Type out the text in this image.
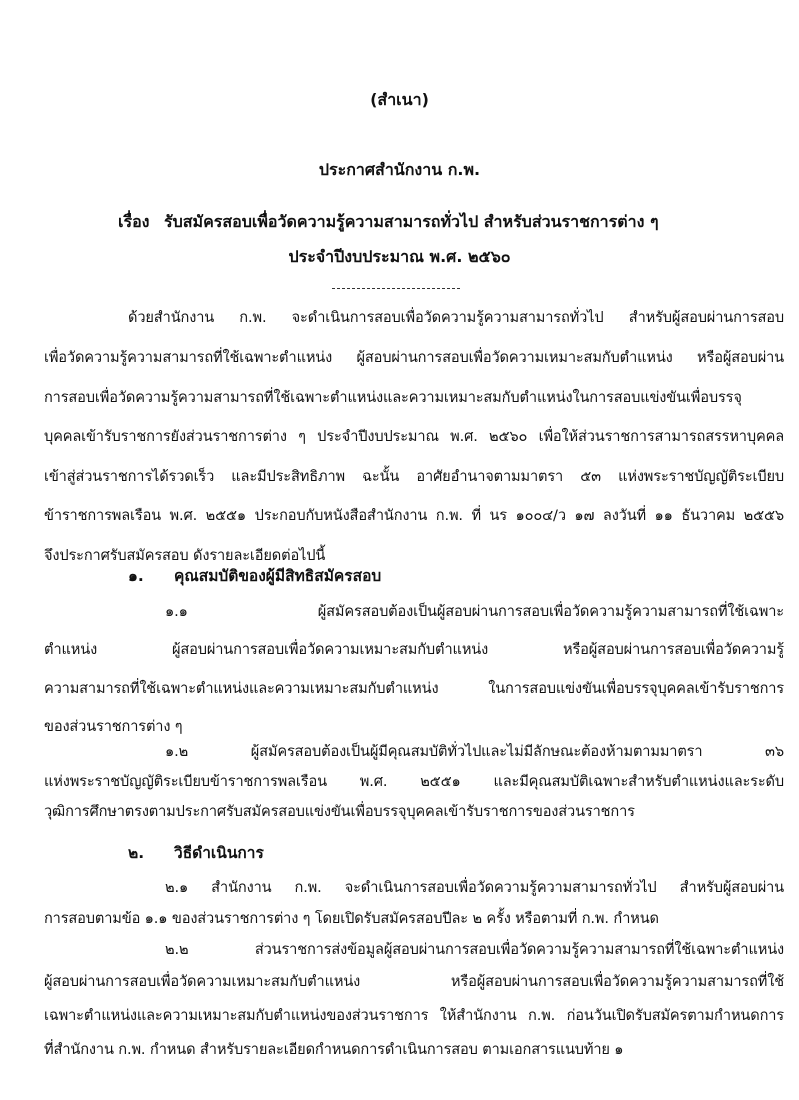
(สำเนา)
ประกาศสำนักงาน ก.พ.
เรื่อง รับสมัครสอบเพื่อวัดความรู้ความสามารถทั่วไป สำหรับส่วนราชการต่าง ๆ
ประจำปีงบประมาณ พ.ศ. ๒๕๖๐
ด้วยสำนักงาน ก.พ. จะดำเนินการสอบเพื่อวัดความรู้ความสามารถทั่วไป สำหรับผู้สอบผ่านการสอบ
เพื่อวัดความรู้ความสามารถที่ใช้เฉพาะตำแหน่ง ผู้สอบผ่านการสอบเพื่อวัดความเหมาะสมกับตำแหน่ง หรือผู้สอบผ่าน
การสอบเพื่อวัดความรู้ความสามารถที่ใช้เฉพาะตำแหน่งและความเหมาะสมกับตำแหน่งในการสอบแข่งขันเพื่อบรรจุ
บุคคลเข้ารับราชการยังส่วนราชการต่าง ๆ ประจำปีงบประมาณ พ.ศ. ๒๕๖๐ เพื่อให้ส่วนราชการสามารถสรรหาบุคคล
เข้าสู่ส่วนราชการได้รวดเร็ว และมีประสิทธิภาพ ฉะนั้น อาศัยอำนาจตามมาตรา ๕๓ แห่งพระราชบัญญัติระเบียบ
ข้าราชการพลเรือน พ.ศ. ๒๕๕๑ ประกอบกับหนังสือสำนักงาน ก.พ. ที่ นร ๑๐๐๔/ว ๑๗ ลงวันที่ ๑๑ ธันวาคม ๒๕๕๖
จึงประกาศรับสมัครสอบ ดังรายละเอียดต่อไปนี้
๑. คุณสมบัติของผู้มีสิทธิสมัครสอบ
๑.๑ ผู้สมัครสอบต้องเป็นผู้สอบผ่านการสอบเพื่อวัดความรู้ความสามารถที่ใช้เฉพาะ
ตำแหน่ง ผู้สอบผ่านการสอบเพื่อวัดความเหมาะสมกับตำแหน่ง หรือผู้สอบผ่านการสอบเพื่อวัดความรู้
ความสามารถที่ใช้เฉพาะตำแหน่งและความเหมาะสมกับตำแหน่ง ในการสอบแข่งขันเพื่อบรรจุบุคคลเข้ารับราชการ
ของส่วนราชการต่าง ๆ
๑.๒ ผู้สมัครสอบต้องเป็นผู้มีคุณสมบัติทั่วไปและไม่มีลักษณะต้องห้ามตามมาตรา ๓๖
แห่งพระราชบัญญัติระเบียบข้าราชการพลเรือน พ.ศ. ๒๕๕๑ และมีคุณสมบัติเฉพาะสำหรับตำแหน่งและระดับ
วุฒิการศึกษาตรงตามประกาศรับสมัครสอบแข่งขันเพื่อบรรจุบุคคลเข้ารับราชการของส่วนราชการ
๒. วิธีดำเนินการ
๒.๑ สำนักงาน ก.พ. จะดำเนินการสอบเพื่อวัดความรู้ความสามารถทั่วไป สำหรับผู้สอบผ่าน
การสอบตามข้อ ๑.๑ ของส่วนราชการต่าง ๆ โดยเปิดรับสมัครสอบปีละ ๒ ครั้ง หรือตามที่ ก.พ. กำหนด
๒.๒ ส่วนราชการส่งข้อมูลผู้สอบผ่านการสอบเพื่อวัดความรู้ความสามารถที่ใช้เฉพาะตำแหน่ง
ผู้สอบผ่านการสอบเพื่อวัดความเหมาะสมกับตำแหน่ง หรือผู้สอบผ่านการสอบเพื่อวัดความรู้ความสามารถที่ใช้
เฉพาะตำแหน่งและความเหมาะสมกับตำแหน่งของส่วนราชการ ให้สำนักงาน ก.พ. ก่อนวันเปิดรับสมัครตามกำหนดการ
ที่สำนักงาน ก.พ. กำหนด สำหรับรายละเอียดกำหนดการดำเนินการสอบ ตามเอกสารแนบท้าย ๑
